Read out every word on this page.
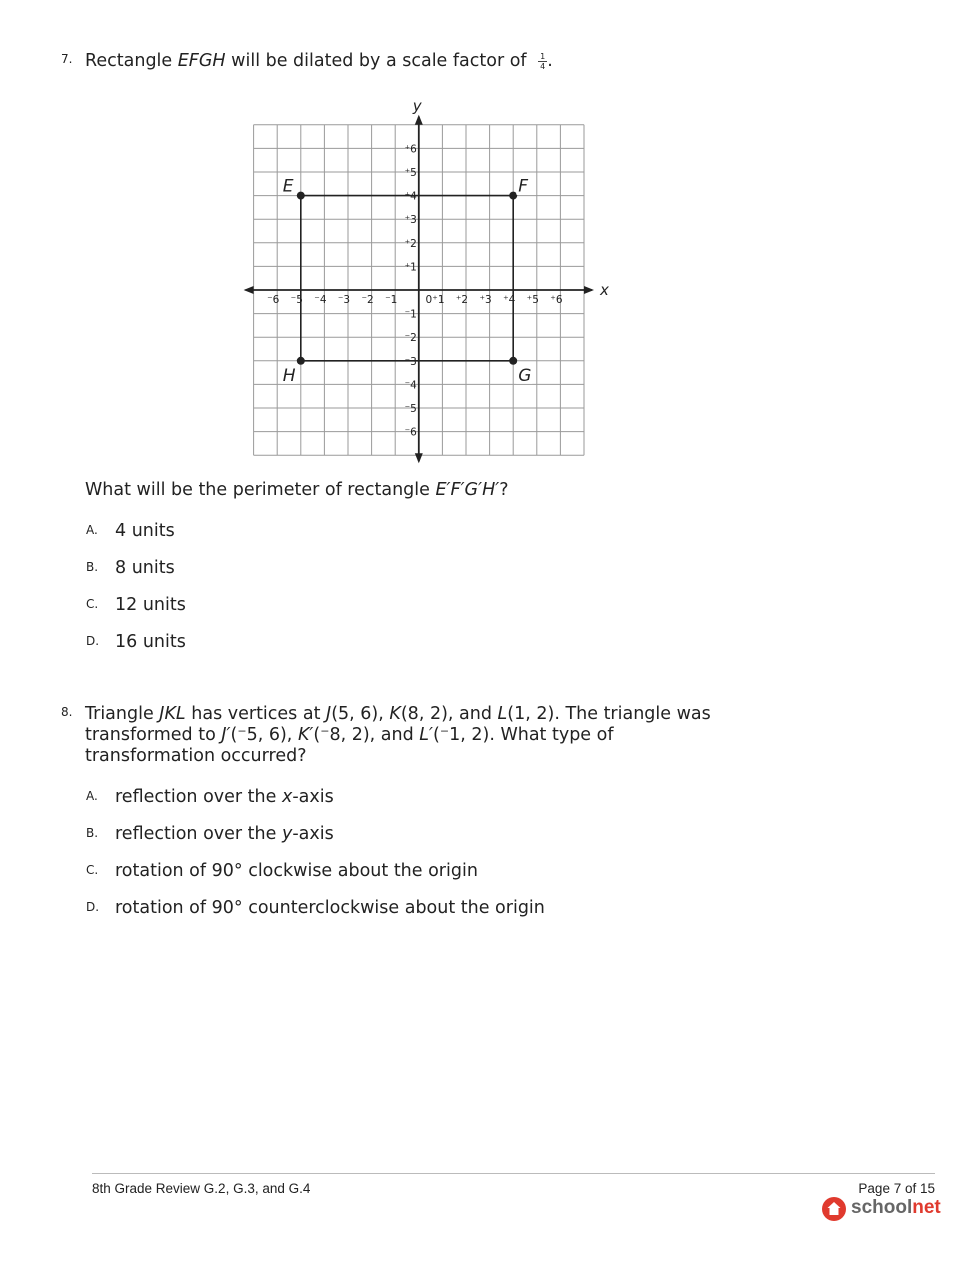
7. Rectangle EFGH will be dilated by a scale factor of $\frac{1}{4}$ .
x
y
⁻6 ⁻5 ⁻4 ⁻3 ⁻2 ⁻1	0 ⁺1 ⁺2 ⁺3 ⁺4 ⁺5 ⁺6
⁺6
⁺5
⁺4
⁺3
⁺2
⁺1
⁻1
⁻2
⁻3
⁻4
⁻5
⁻6
E	F
G
H
What will be the perimeter of rectangle E′F′G′H′?
A. 4 units
B. 8 units
C. 12 units
D. 16 units
8. Triangle JKL has vertices at J(5, 6), K(8, 2), and L(1, 2). The triangle was
transformed to J′(⁻5, 6), K′(⁻8, 2), and L′(⁻1, 2). What type of
transformation occurred?
A. reflection over the x-axis
B. reflection over the y-axis
C. rotation of 90° clockwise about the origin
D. rotation of 90° counterclockwise about the origin
8th Grade Review G.2, G.3, and G.4	Page 7 of 15
schoolnet
